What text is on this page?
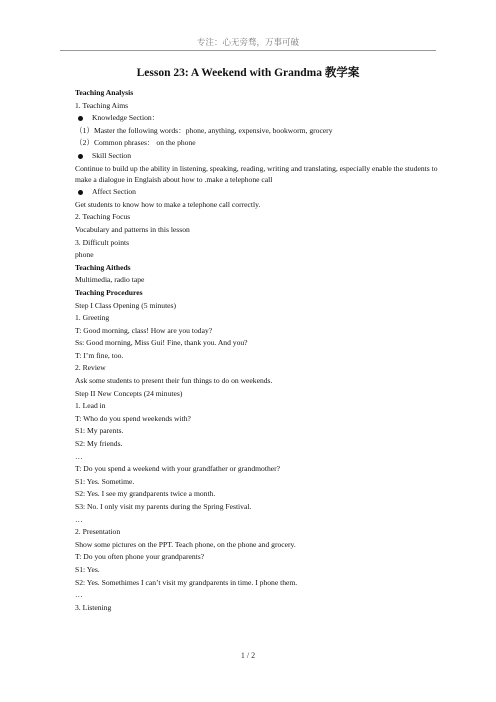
专注：心无旁骛，万事可破
Lesson 23: A Weekend with Grandma 教学案
Teaching Analysis
1. Teaching Aims
Knowledge Section：
（1）Master the following words：phone, anything, expensive, bookworm, grocery
（2）Common phrases： on the phone
Skill Section
Continue to build up the ability in listening, speaking, reading, writing and translating, especially enable the students to make a dialogue in Englaish about how to .make a telephone call
Affect Section
Get students to know how to make a telephone call correctly.
2. Teaching Focus
Vocabulary and patterns in this lesson
3. Difficult points
phone
Teaching Aitheds
Multimedia, radio tape
Teaching Procedures
Step I Class Opening (5 minutes)
1. Greeting
T: Good morning, class! How are you today?
Ss: Good morning, Miss Gui! Fine, thank you. And you?
T: I’m fine, too.
2. Review
Ask some students to present their fun things to do on weekends.
Step II New Concepts (24 minutes)
1. Lead in
T: Who do you spend weekends with?
S1: My parents.
S2: My friends.
…
T: Do you spend a weekend with your grandfather or grandmother?
S1: Yes. Sometime.
S2: Yes. I see my grandparents twice a month.
S3: No. I only visit my parents during the Spring Festival.
…
2. Presentation
Show some pictures on the PPT. Teach phone, on the phone and grocery.
T: Do you often phone your grandparents?
S1: Yes.
S2: Yes. Somethimes I can’t visit my grandparents in time. I phone them.
…
3. Listening
1 / 2
